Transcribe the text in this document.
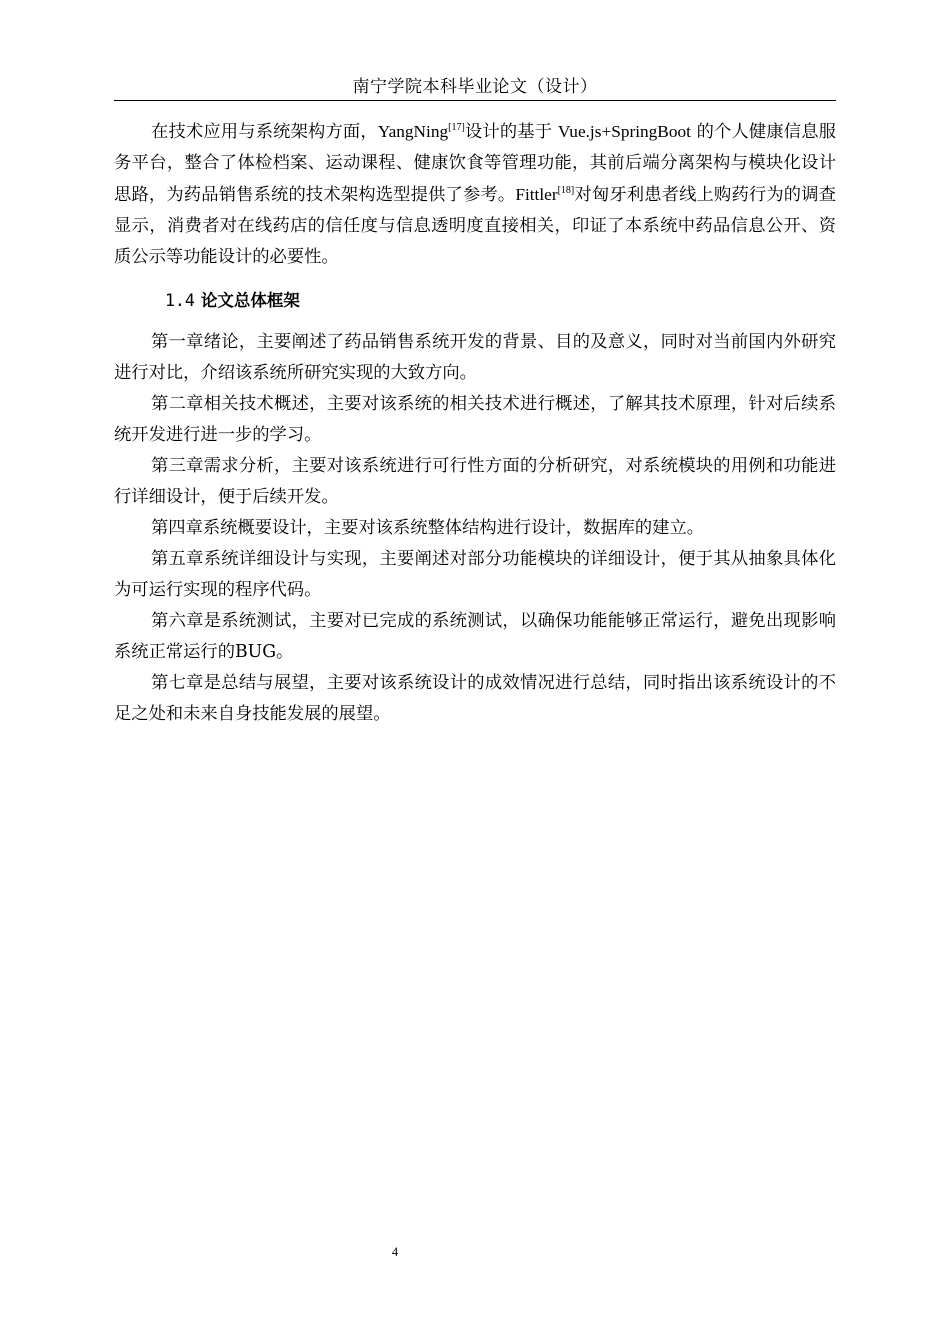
南宁学院本科毕业论文（设计）

在技术应用与系统架构方面，YangNing[17]设计的基于 Vue.js+SpringBoot 的个人健康信息服务平台，整合了体检档案、运动课程、健康饮食等管理功能，其前后端分离架构与模块化设计思路，为药品销售系统的技术架构选型提供了参考。Fittler[18]对匈牙利患者线上购药行为的调查显示，消费者对在线药店的信任度与信息透明度直接相关，印证了本系统中药品信息公开、资质公示等功能设计的必要性。

1.4 论文总体框架

第一章绪论，主要阐述了药品销售系统开发的背景、目的及意义，同时对当前国内外研究进行对比，介绍该系统所研究实现的大致方向。

第二章相关技术概述，主要对该系统的相关技术进行概述，了解其技术原理，针对后续系统开发进行进一步的学习。

第三章需求分析，主要对该系统进行可行性方面的分析研究，对系统模块的用例和功能进行详细设计，便于后续开发。

第四章系统概要设计，主要对该系统整体结构进行设计，数据库的建立。

第五章系统详细设计与实现，主要阐述对部分功能模块的详细设计，便于其从抽象具体化为可运行实现的程序代码。

第六章是系统测试，主要对已完成的系统测试，以确保功能能够正常运行，避免出现影响系统正常运行的BUG。

第七章是总结与展望，主要对该系统设计的成效情况进行总结，同时指出该系统设计的不足之处和未来自身技能发展的展望。

4
